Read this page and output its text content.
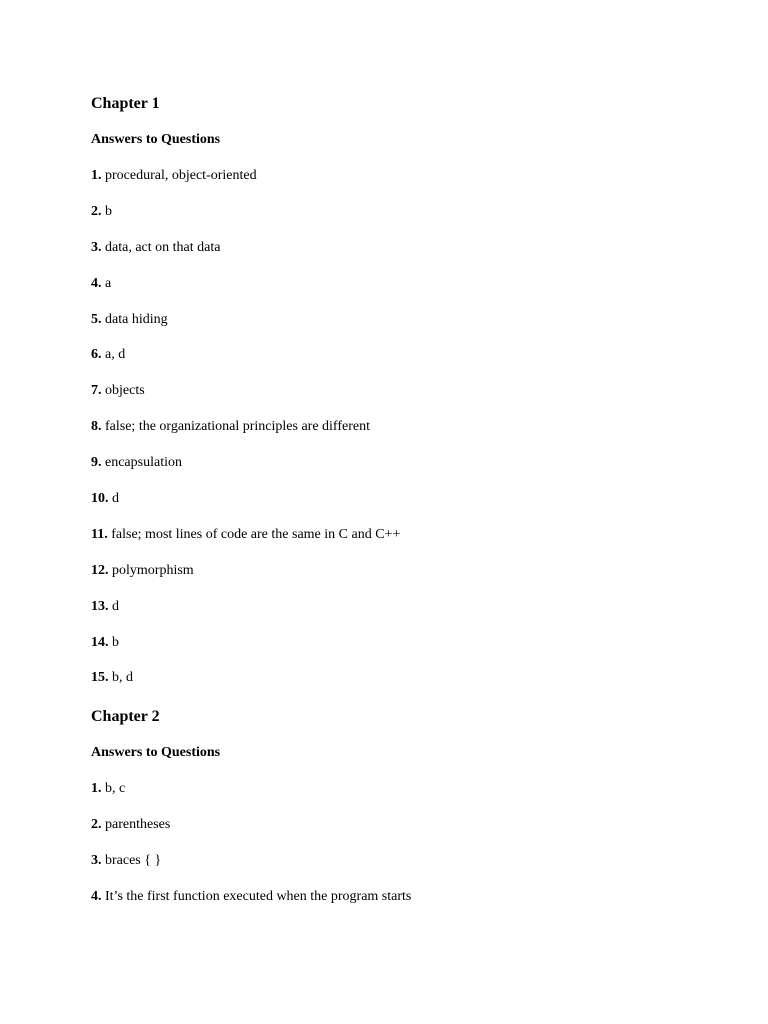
Chapter 1
Answers to Questions
1. procedural, object-oriented
2. b
3. data, act on that data
4. a
5. data hiding
6. a, d
7. objects
8. false; the organizational principles are different
9. encapsulation
10. d
11. false; most lines of code are the same in C and C++
12. polymorphism
13. d
14. b
15. b, d
Chapter 2
Answers to Questions
1. b, c
2. parentheses
3. braces { }
4. It’s the first function executed when the program starts
